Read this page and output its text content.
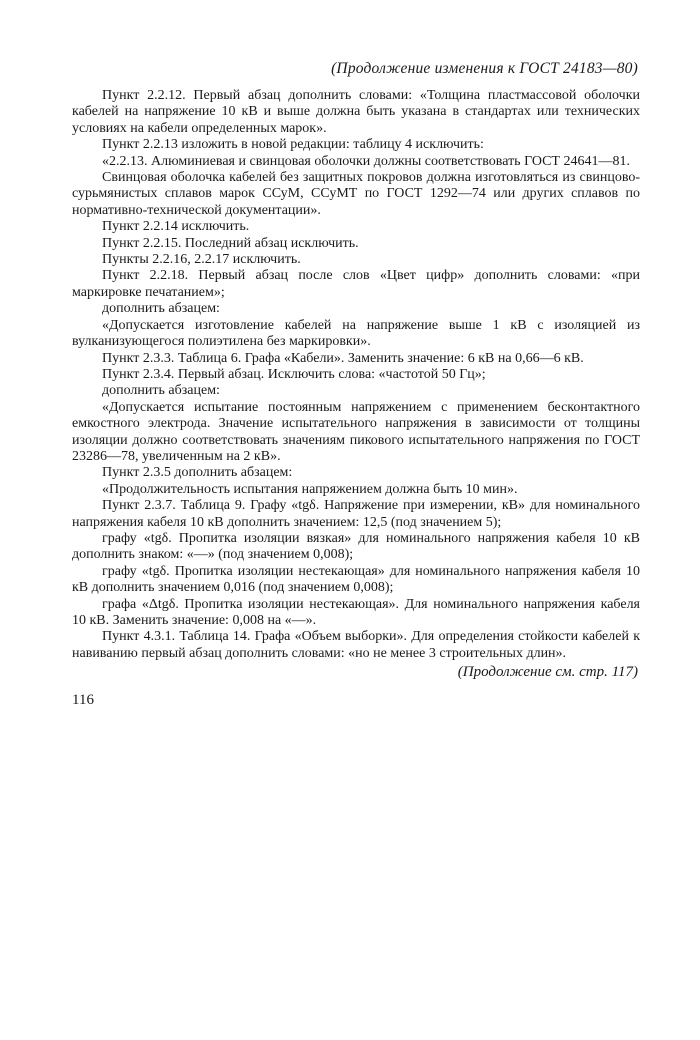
(Продолжение изменения к ГОСТ 24183—80)

Пункт 2.2.12. Первый абзац дополнить словами: «Толщина пластмассовой оболочки кабелей на напряжение 10 кВ и выше должна быть указана в стандартах или технических условиях на кабели определенных марок».

Пункт 2.2.13 изложить в новой редакции: таблицу 4 исключить:

«2.2.13. Алюминиевая и свинцовая оболочки должны соответствовать ГОСТ 24641—81.

Свинцовая оболочка кабелей без защитных покровов должна изготовляться из свинцово-сурьмянистых сплавов марок ССуМ, ССуМТ по ГОСТ 1292—74 или других сплавов по нормативно-технической документации».

Пункт 2.2.14 исключить.

Пункт 2.2.15. Последний абзац исключить.

Пункты 2.2.16, 2.2.17 исключить.

Пункт 2.2.18. Первый абзац после слов «Цвет цифр» дополнить словами: «при маркировке печатанием»;

дополнить абзацем:

«Допускается изготовление кабелей на напряжение выше 1 кВ с изоляцией из вулканизующегося полиэтилена без маркировки».

Пункт 2.3.3. Таблица 6. Графа «Кабели». Заменить значение: 6 кВ на 0,66—6 кВ.

Пункт 2.3.4. Первый абзац. Исключить слова: «частотой 50 Гц»;

дополнить абзацем:

«Допускается испытание постоянным напряжением с применением бесконтактного емкостного электрода. Значение испытательного напряжения в зависимости от толщины изоляции должно соответствовать значениям пикового испытательного напряжения по ГОСТ 23286—78, увеличенным на 2 кВ».

Пункт 2.3.5 дополнить абзацем:

«Продолжительность испытания напряжением должна быть 10 мин».

Пункт 2.3.7. Таблица 9. Графу «tgδ. Напряжение при измерении, кВ» для номинального напряжения кабеля 10 кВ дополнить значением: 12,5 (под значением 5);

графу «tgδ. Пропитка изоляции вязкая» для номинального напряжения кабеля 10 кВ дополнить знаком: «—» (под значением 0,008);

графу «tgδ. Пропитка изоляции нестекающая» для номинального напряжения кабеля 10 кВ дополнить значением 0,016 (под значением 0,008);

графа «Δtgδ. Пропитка изоляции нестекающая». Для номинального напряжения кабеля 10 кВ. Заменить значение: 0,008 на «—».

Пункт 4.3.1. Таблица 14. Графа «Объем выборки». Для определения стойкости кабелей к навиванию первый абзац дополнить словами: «но не менее 3 строительных длин».

(Продолжение см. стр. 117)
116
